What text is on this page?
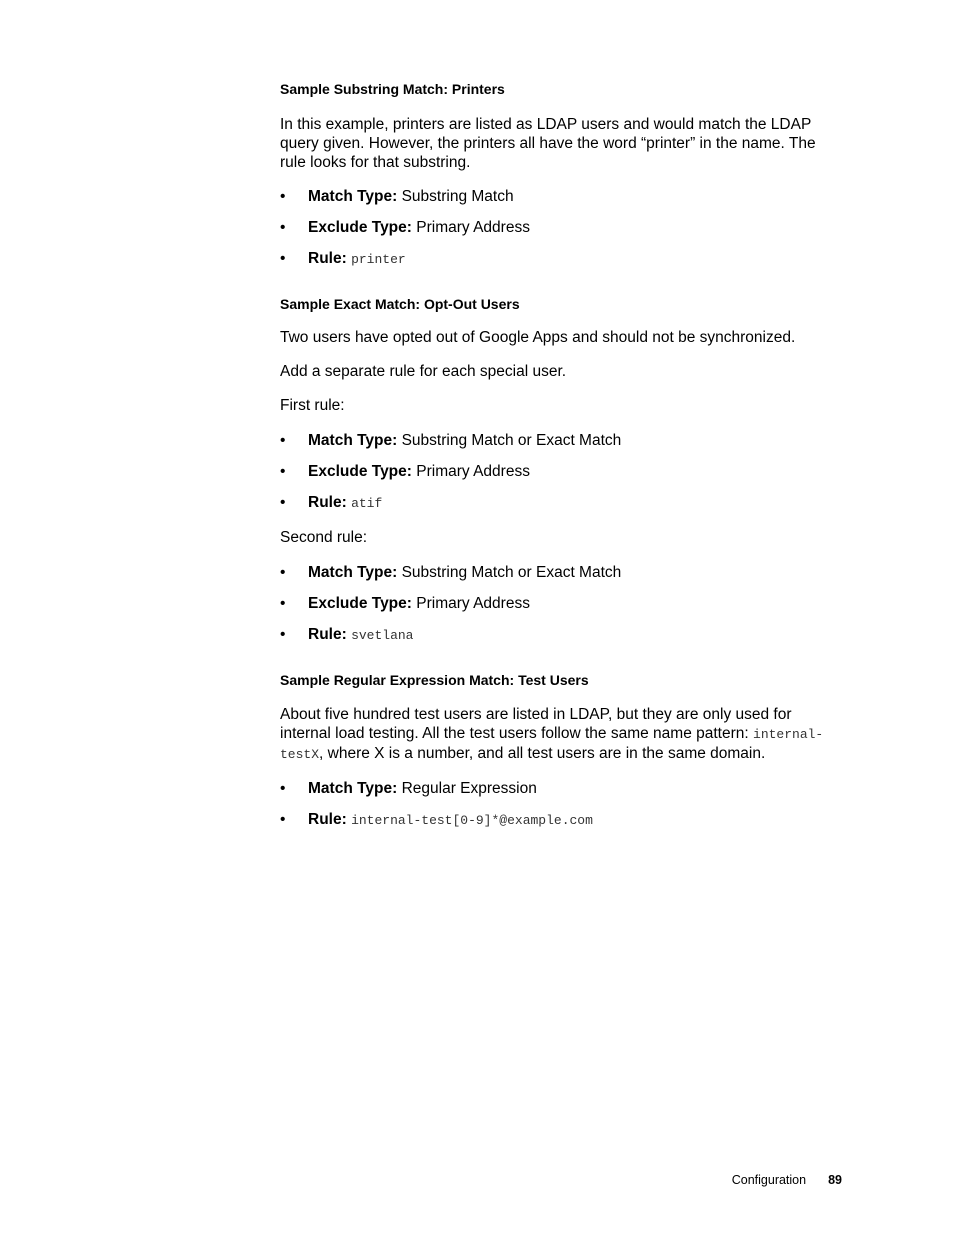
Sample Substring Match: Printers

In this example, printers are listed as LDAP users and would match the LDAP query given. However, the printers all have the word “printer” in the name. The rule looks for that substring.

• Match Type: Substring Match
• Exclude Type: Primary Address
• Rule: printer
Sample Exact Match: Opt-Out Users

Two users have opted out of Google Apps and should not be synchronized.

Add a separate rule for each special user.

First rule:

• Match Type: Substring Match or Exact Match
• Exclude Type: Primary Address
• Rule: atif

Second rule:

• Match Type: Substring Match or Exact Match
• Exclude Type: Primary Address
• Rule: svetlana
Sample Regular Expression Match: Test Users

About five hundred test users are listed in LDAP, but they are only used for internal load testing. All the test users follow the same name pattern: internal-
testX, where X is a number, and all test users are in the same domain.

• Match Type: Regular Expression
• Rule: internal-test[0-9]*@example.com
Configuration 89
